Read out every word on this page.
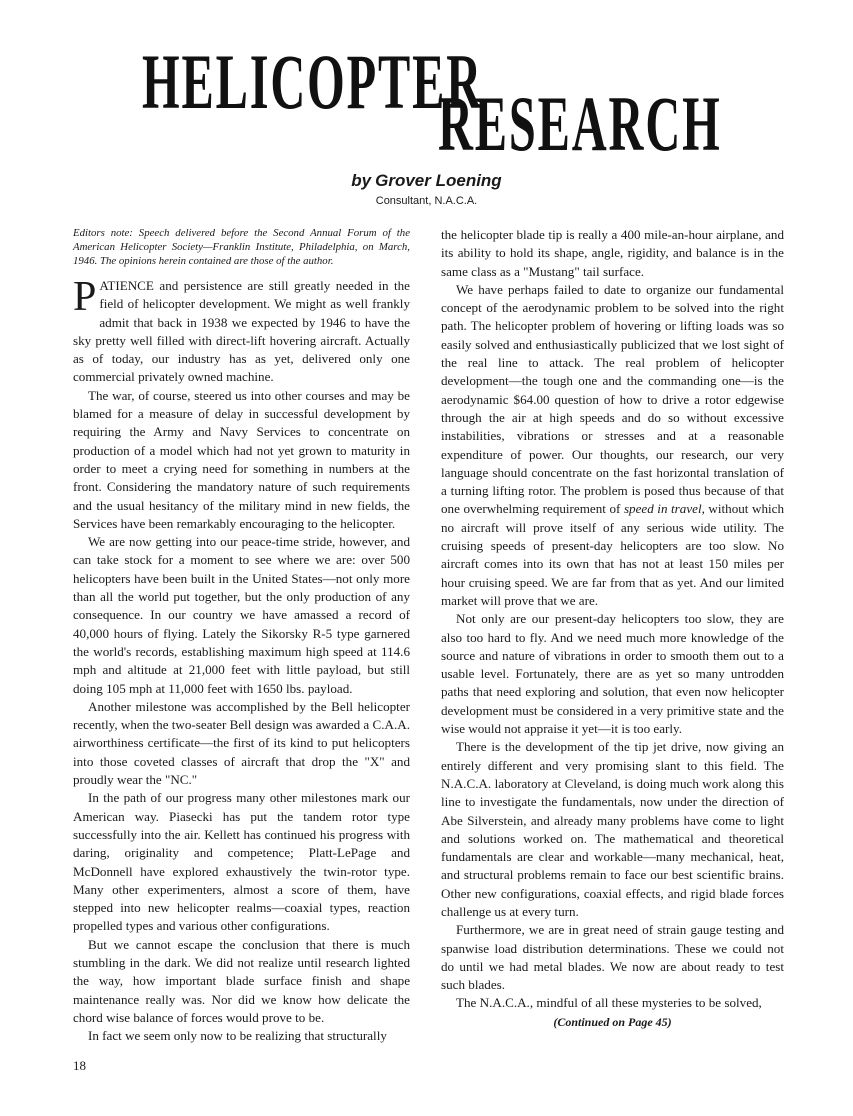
HELICOPTER
RESEARCH
by Grover Loening
Consultant, N.A.C.A.

Editors note: Speech delivered before the Second Annual Forum of the American Helicopter Society—Franklin Institute, Philadelphia, on March, 1946. The opinions herein contained are those of the author.

PATIENCE and persistence are still greatly needed in the field of helicopter development. We might as well frankly admit that back in 1938 we expected by 1946 to have the sky pretty well filled with direct-lift hovering aircraft. Actually as of today, our industry has as yet, delivered only one commercial privately owned machine.

The war, of course, steered us into other courses and may be blamed for a measure of delay in successful development by requiring the Army and Navy Services to concentrate on production of a model which had not yet grown to maturity in order to meet a crying need for something in numbers at the front. Considering the mandatory nature of such requirements and the usual hesitancy of the military mind in new fields, the Services have been remarkably encouraging to the helicopter.

We are now getting into our peace-time stride, however, and can take stock for a moment to see where we are: over 500 helicopters have been built in the United States—not only more than all the world put together, but the only production of any consequence. In our country we have amassed a record of 40,000 hours of flying. Lately the Sikorsky R-5 type garnered the world's records, establishing maximum high speed at 114.6 mph and altitude at 21,000 feet with little payload, but still doing 105 mph at 11,000 feet with 1650 lbs. payload.

Another milestone was accomplished by the Bell helicopter recently, when the two-seater Bell design was awarded a C.A.A. airworthiness certificate—the first of its kind to put helicopters into those coveted classes of aircraft that drop the "X" and proudly wear the "NC."

In the path of our progress many other milestones mark our American way. Piasecki has put the tandem rotor type successfully into the air. Kellett has continued his progress with daring, originality and competence; Platt-LePage and McDonnell have explored exhaustively the twin-rotor type. Many other experimenters, almost a score of them, have stepped into new helicopter realms—coaxial types, reaction propelled types and various other configurations.

But we cannot escape the conclusion that there is much stumbling in the dark. We did not realize until research lighted the way, how important blade surface finish and shape maintenance really was. Nor did we know how delicate the chord wise balance of forces would prove to be.

In fact we seem only now to be realizing that structurally

the helicopter blade tip is really a 400 mile-an-hour airplane, and its ability to hold its shape, angle, rigidity, and balance is in the same class as a "Mustang" tail surface.

We have perhaps failed to date to organize our fundamental concept of the aerodynamic problem to be solved into the right path. The helicopter problem of hovering or lifting loads was so easily solved and enthusiastically publicized that we lost sight of the real line to attack. The real problem of helicopter development—the tough one and the commanding one—is the aerodynamic $64.00 question of how to drive a rotor edgewise through the air at high speeds and do so without excessive instabilities, vibrations or stresses and at a reasonable expenditure of power. Our thoughts, our research, our very language should concentrate on the fast horizontal translation of a turning lifting rotor. The problem is posed thus because of that one overwhelming requirement of speed in travel, without which no aircraft will prove itself of any serious wide utility. The cruising speeds of present-day helicopters are too slow. No aircraft comes into its own that has not at least 150 miles per hour cruising speed. We are far from that as yet. And our limited market will prove that we are.

Not only are our present-day helicopters too slow, they are also too hard to fly. And we need much more knowledge of the source and nature of vibrations in order to smooth them out to a usable level. Fortunately, there are as yet so many untrodden paths that need exploring and solution, that even now helicopter development must be considered in a very primitive state and the wise would not appraise it yet—it is too early.

There is the development of the tip jet drive, now giving an entirely different and very promising slant to this field. The N.A.C.A. laboratory at Cleveland, is doing much work along this line to investigate the fundamentals, now under the direction of Abe Silverstein, and already many problems have come to light and solutions worked on. The mathematical and theoretical fundamentals are clear and workable—many mechanical, heat, and structural problems remain to face our best scientific brains. Other new configurations, coaxial effects, and rigid blade forces challenge us at every turn.

Furthermore, we are in great need of strain gauge testing and spanwise load distribution determinations. These we could not do until we had metal blades. We now are about ready to test such blades.

The N.A.C.A., mindful of all these mysteries to be solved,

(Continued on Page 45)

18
